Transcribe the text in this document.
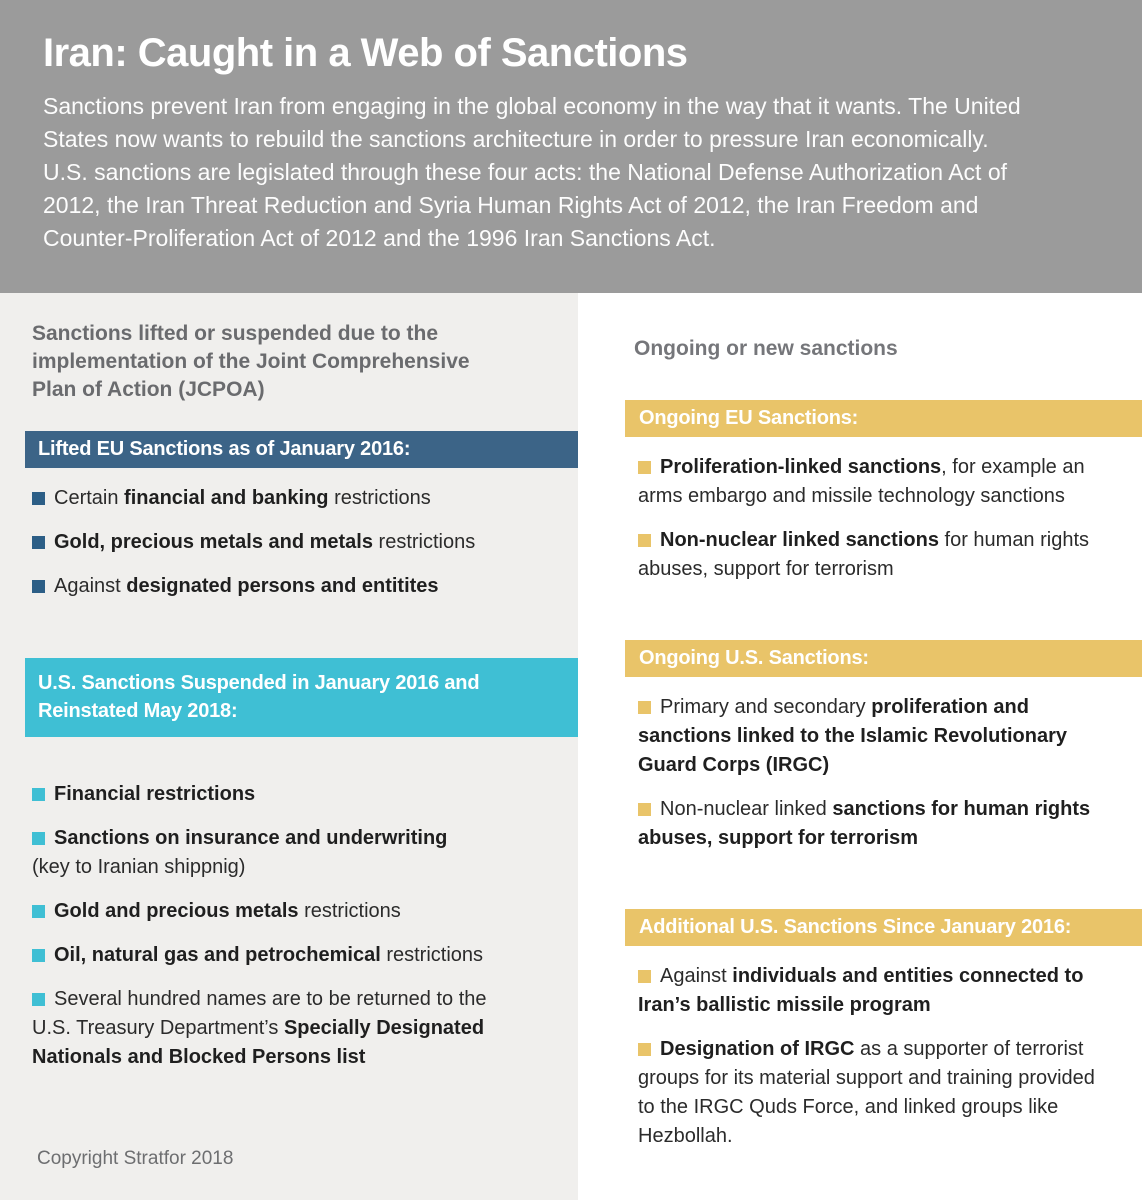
Iran: Caught in a Web of Sanctions

Sanctions prevent Iran from engaging in the global economy in the way that it wants. The United States now wants to rebuild the sanctions architecture in order to pressure Iran economically. U.S. sanctions are legislated through these four acts: the National Defense Authorization Act of 2012, the Iran Threat Reduction and Syria Human Rights Act of 2012, the Iran Freedom and Counter-Proliferation Act of 2012 and the 1996 Iran Sanctions Act.

Sanctions lifted or suspended due to the implementation of the Joint Comprehensive Plan of Action (JCPOA)
Lifted EU Sanctions as of January 2016:
Certain financial and banking restrictions
Gold, precious metals and metals restrictions
Against designated persons and entitites
U.S. Sanctions Suspended in January 2016 and Reinstated May 2018:
Financial restrictions
Sanctions on insurance and underwriting
(key to Iranian shippnig)
Gold and precious metals restrictions
Oil, natural gas and petrochemical restrictions
Several hundred names are to be returned to the U.S. Treasury Department’s Specially Designated Nationals and Blocked Persons list
Copyright Stratfor 2018
Ongoing or new sanctions
Ongoing EU Sanctions:
Proliferation-linked sanctions, for example an arms embargo and missile technology sanctions
Non-nuclear linked sanctions for human rights abuses, support for terrorism
Ongoing U.S. Sanctions:
Primary and secondary proliferation and sanctions linked to the Islamic Revolutionary Guard Corps (IRGC)
Non-nuclear linked sanctions for human rights abuses, support for terrorism
Additional U.S. Sanctions Since January 2016:
Against individuals and entities connected to Iran’s ballistic missile program
Designation of IRGC as a supporter of terrorist groups for its material support and training provided to the IRGC Quds Force, and linked groups like Hezbollah.
